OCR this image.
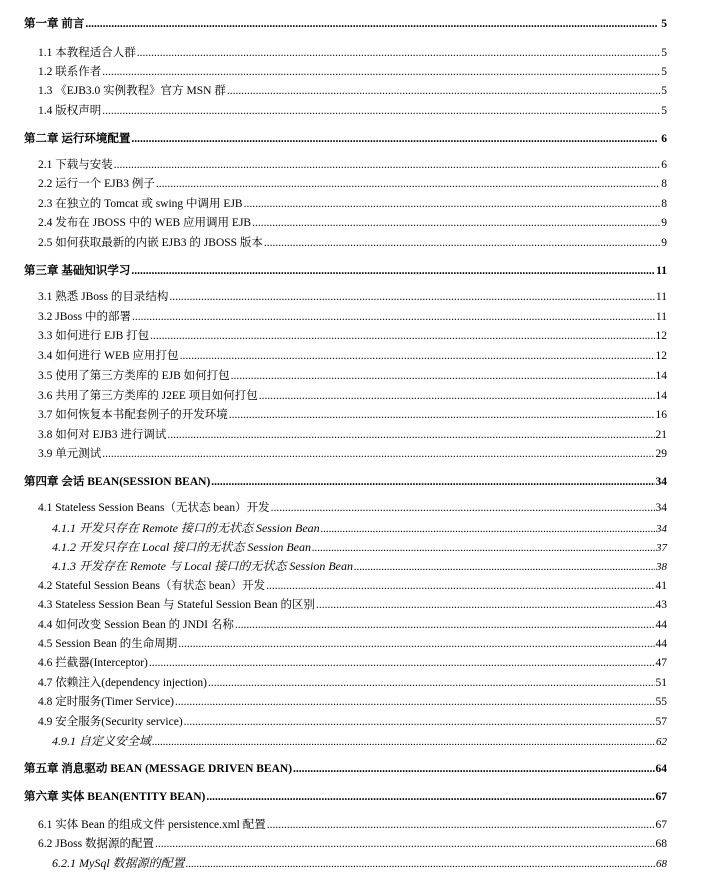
第一章 前言 .....	5
1.1 本教程适合人群 .....	5
1.2 联系作者 .....	5
1.3 《EJB3.0 实例教程》官方 MSN 群 .....	5
1.4 版权声明 .....	5
第二章 运行环境配置 .....	6
2.1 下载与安装 .....	6
2.2 运行一个 EJB3 例子 .....	8
2.3 在独立的 Tomcat 或 swing 中调用 EJB .....	8
2.4 发布在 JBOSS 中的 WEB 应用调用 EJB .....	9
2.5 如何获取最新的内嵌 EJB3 的 JBOSS 版本 .....	9
第三章 基础知识学习 .....	11
3.1 熟悉 JBoss 的目录结构 .....	11
3.2 JBoss 中的部署 .....	11
3.3 如何进行 EJB 打包 .....	12
3.4 如何进行 WEB 应用打包 .....	12
3.5 使用了第三方类库的 EJB 如何打包 .....	14
3.6 共用了第三方类库的 J2EE 项目如何打包 .....	14
3.7 如何恢复本书配套例子的开发环境 .....	16
3.8 如何对 EJB3 进行调试 .....	21
3.9 单元测试 .....	29
第四章 会话 BEAN(SESSION BEAN) .....	34
4.1 Stateless Session Beans（无状态 bean）开发 .....	34
4.1.1 开发只存在 Remote 接口的无状态 Session Bean .....	34
4.1.2 开发只存在 Local 接口的无状态 Session Bean .....	37
4.1.3 开发存在 Remote 与 Local 接口的无状态 Session Bean .....	38
4.2 Stateful Session Beans（有状态 bean）开发 .....	41
4.3 Stateless Session Bean 与 Stateful Session Bean 的区别 .....	43
4.4 如何改变 Session Bean 的 JNDI 名称 .....	44
4.5 Session Bean 的生命周期 .....	44
4.6 拦截器(Interceptor) .....	47
4.7 依赖注入(dependency injection) .....	51
4.8 定时服务(Timer Service) .....	55
4.9 安全服务(Security service) .....	57
4.9.1 自定义安全域 .....	62
第五章 消息驱动 BEAN (MESSAGE DRIVEN BEAN) .....	64
第六章 实体 BEAN(ENTITY BEAN) .....	67
6.1 实体 Bean 的组成文件 persistence.xml 配置 .....	67
6.2 JBoss 数据源的配置 .....	68
6.2.1 MySql 数据源的配置 .....	68
